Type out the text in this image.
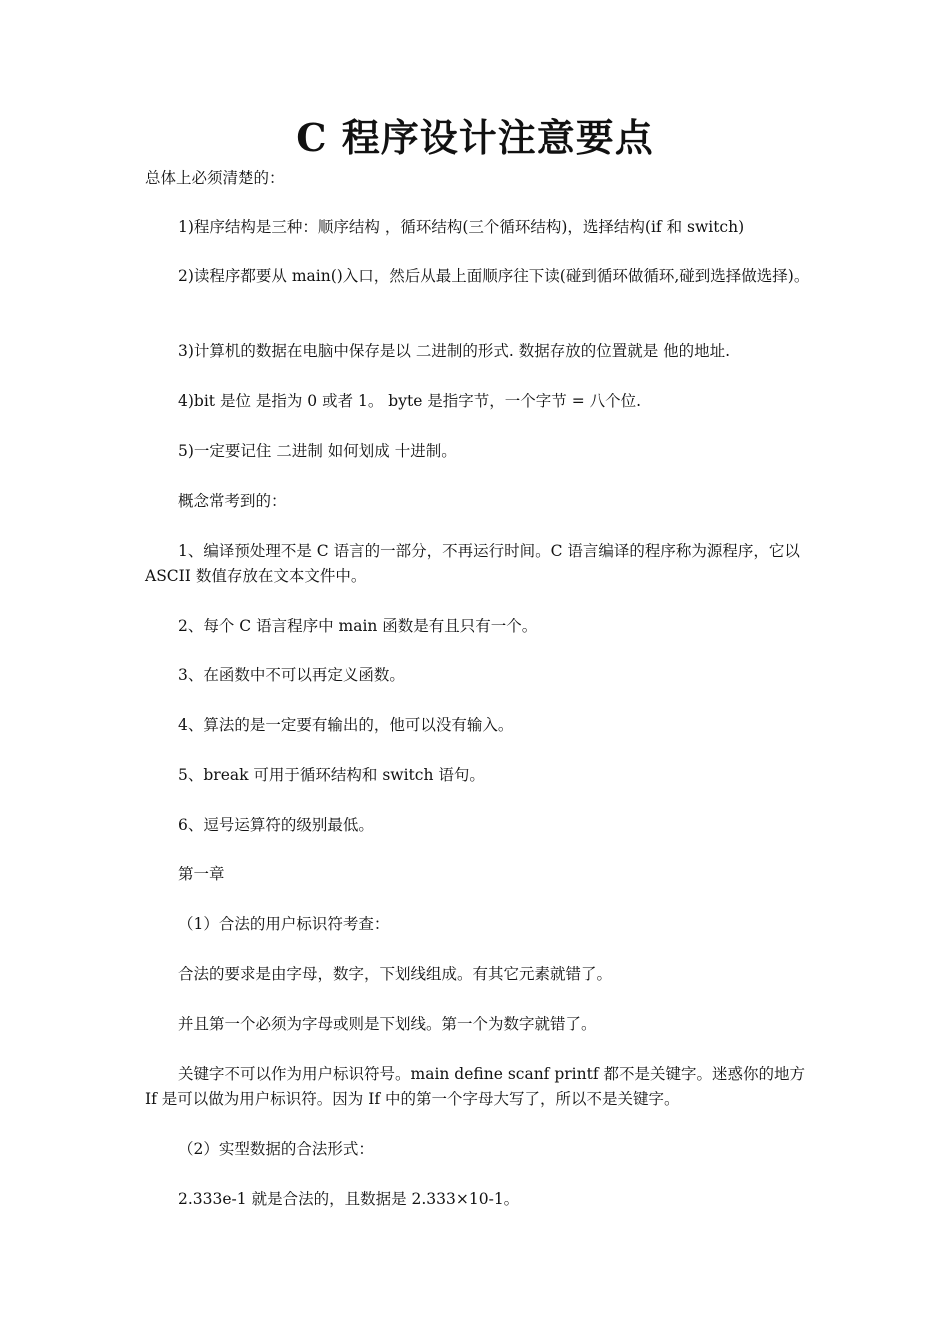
C 程序设计注意要点

总体上必须清楚的：

1)程序结构是三种：顺序结构 ，循环结构(三个循环结构)，选择结构(if 和 switch)

2)读程序都要从 main()入口，然后从最上面顺序往下读(碰到循环做循环,碰到选择做选择)。

3)计算机的数据在电脑中保存是以 二进制的形式. 数据存放的位置就是 他的地址.

4)bit 是位 是指为 0 或者 1。 byte 是指字节，一个字节 = 八个位.

5)一定要记住 二进制 如何划成 十进制。

概念常考到的：

1、编译预处理不是 C 语言的一部分，不再运行时间。C 语言编译的程序称为源程序，它以 ASCII 数值存放在文本文件中。

2、每个 C 语言程序中 main 函数是有且只有一个。

3、在函数中不可以再定义函数。

4、算法的是一定要有输出的，他可以没有输入。

5、break 可用于循环结构和 switch 语句。

6、逗号运算符的级别最低。

第一章

（1）合法的用户标识符考查：

合法的要求是由字母，数字，下划线组成。有其它元素就错了。

并且第一个必须为字母或则是下划线。第一个为数字就错了。

关键字不可以作为用户标识符号。main define scanf printf 都不是关键字。迷惑你的地方 If 是可以做为用户标识符。因为 If 中的第一个字母大写了，所以不是关键字。

（2）实型数据的合法形式：

2.333e-1 就是合法的，且数据是 2.333×10-1。
